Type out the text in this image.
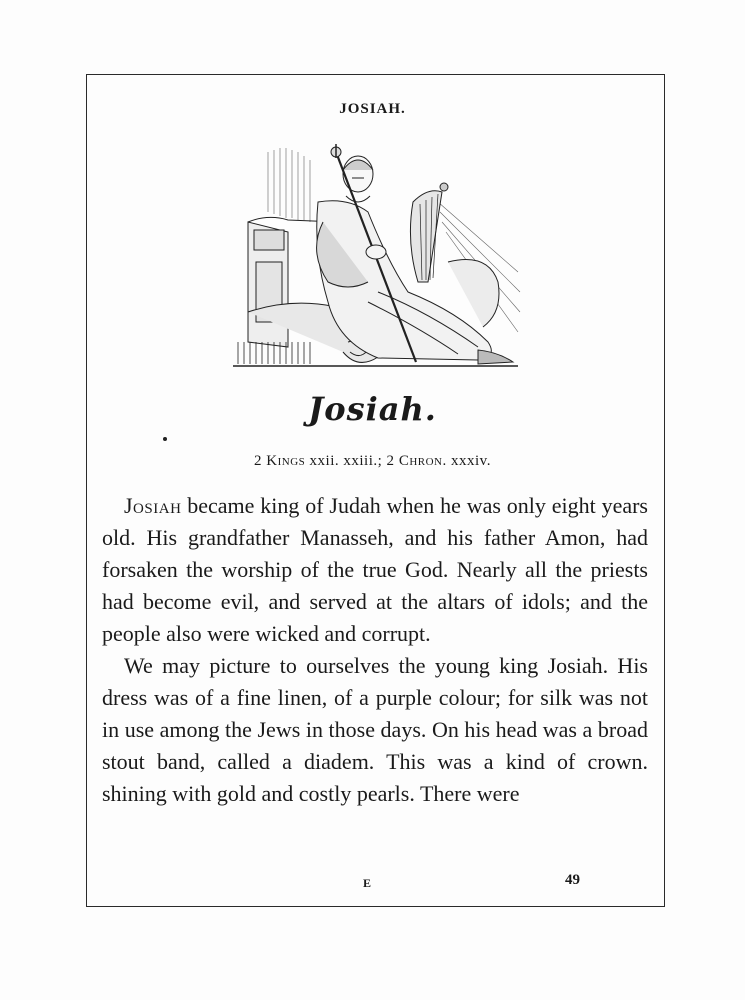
JOSIAH.
Josiah.
2 Kings xxii. xxiii.; 2 Chron. xxxiv.

Josiah became king of Judah when he was only eight years old. His grandfather Manasseh, and his father Amon, had forsaken the worship of the true God. Nearly all the priests had become evil, and served at the altars of idols; and the people also were wicked and corrupt.

We may picture to ourselves the young king Josiah. His dress was of a fine linen, of a purple colour; for silk was not in use among the Jews in those days. On his head was a broad stout band, called a diadem. This was a kind of crown. shining with gold and costly pearls. There were

E	49
